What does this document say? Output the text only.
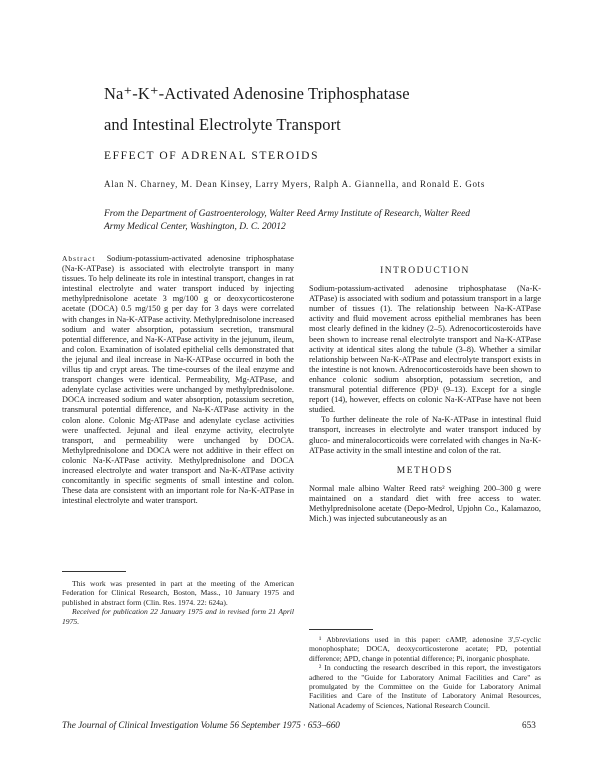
Na⁺-K⁺-Activated Adenosine Triphosphatase
and Intestinal Electrolyte Transport
EFFECT OF ADRENAL STEROIDS
Alan N. Charney, M. Dean Kinsey, Larry Myers, Ralph A. Giannella, and Ronald E. Gots
From the Department of Gastroenterology, Walter Reed Army Institute of Research, Walter Reed Army Medical Center, Washington, D. C. 20012

Abstract Sodium-potassium-activated adenosine triphosphatase (Na-K-ATPase) is associated with electrolyte transport in many tissues. To help delineate its role in intestinal transport, changes in rat intestinal electrolyte and water transport induced by injecting methylprednisolone acetate 3 mg/100 g or deoxycorticosterone acetate (DOCA) 0.5 mg/150 g per day for 3 days were correlated with changes in Na-K-ATPase activity. Methylprednisolone increased sodium and water absorption, potassium secretion, transmural potential difference, and Na-K-ATPase activity in the jejunum, ileum, and colon. Examination of isolated epithelial cells demonstrated that the jejunal and ileal increase in Na-K-ATPase occurred in both the villus tip and crypt areas. The time-courses of the ileal enzyme and transport changes were identical. Permeability, Mg-ATPase, and adenylate cyclase activities were unchanged by methylprednisolone. DOCA increased sodium and water absorption, potassium secretion, transmural potential difference, and Na-K-ATPase activity in the colon alone. Colonic Mg-ATPase and adenylate cyclase activities were unaffected. Jejunal and ileal enzyme activity, electrolyte transport, and permeability were unchanged by DOCA. Methylprednisolone and DOCA were not additive in their effect on colonic Na-K-ATPase activity. Methylprednisolone and DOCA increased electrolyte and water transport and Na-K-ATPase activity concomitantly in specific segments of small intestine and colon. These data are consistent with an important role for Na-K-ATPase in intestinal electrolyte and water transport.

This work was presented in part at the meeting of the American Federation for Clinical Research, Boston, Mass., 10 January 1975 and published in abstract form (Clin. Res. 1974. 22: 624a).

Received for publication 22 January 1975 and in revised form 21 April 1975.

INTRODUCTION

Sodium-potassium-activated adenosine triphosphatase (Na-K-ATPase) is associated with sodium and potassium transport in a large number of tissues (1). The relationship between Na-K-ATPase activity and fluid movement across epithelial membranes has been most clearly defined in the kidney (2–5). Adrenocorticosteroids have been shown to increase renal electrolyte transport and Na-K-ATPase activity at identical sites along the tubule (3–8). Whether a similar relationship between Na-K-ATPase and electrolyte transport exists in the intestine is not known. Adrenocorticosteroids have been shown to enhance colonic sodium absorption, potassium secretion, and transmural potential difference (PD)¹ (9–13). Except for a single report (14), however, effects on colonic Na-K-ATPase have not been studied.

To further delineate the role of Na-K-ATPase in intestinal fluid transport, increases in electrolyte and water transport induced by gluco- and mineralocorticoids were correlated with changes in Na-K-ATPase activity in the small intestine and colon of the rat.

METHODS

Normal male albino Walter Reed rats² weighing 200–300 g were maintained on a standard diet with free access to water. Methylprednisolone acetate (Depo-Medrol, Upjohn Co., Kalamazoo, Mich.) was injected subcutaneously as an

¹ Abbreviations used in this paper: cAMP, adenosine 3',5'-cyclic monophosphate; DOCA, deoxycorticosterone acetate; PD, potential difference; ΔPD, change in potential difference; Pi, inorganic phosphate.

² In conducting the research described in this report, the investigators adhered to the "Guide for Laboratory Animal Facilities and Care" as promulgated by the Committee on the Guide for Laboratory Animal Facilities and Care of the Institute of Laboratory Animal Resources, National Academy of Sciences, National Research Council.

The Journal of Clinical Investigation Volume 56 September 1975 · 653–660	653
